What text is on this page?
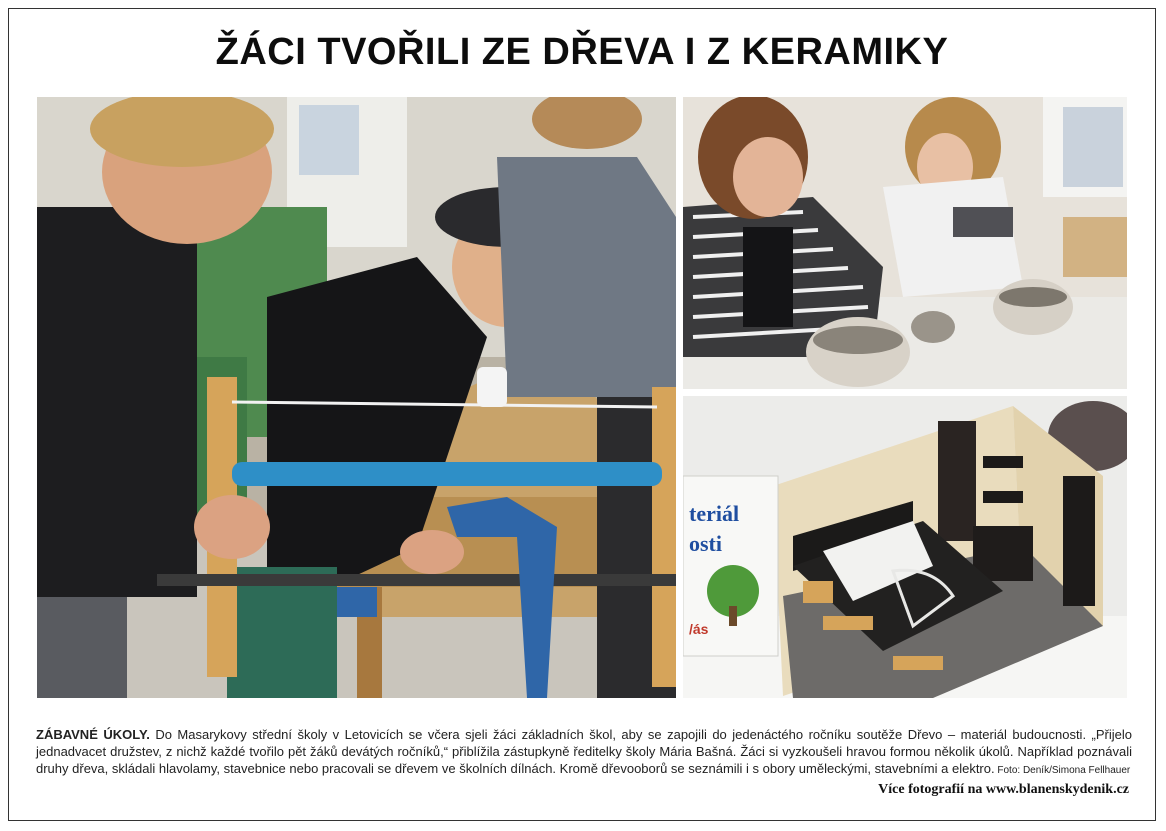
ŽÁCI TVOŘILI ZE DŘEVA I Z KERAMIKY
teriál
osti
/ás
ZÁBAVNÉ ÚKOLY. Do Masarykovy střední školy v Letovicích se včera sjeli žáci základních škol, aby se zapojili do jedenáctého ročníku soutěže Dřevo – materiál budoucnosti. „Přijelo jednadvacet družstev, z nichž každé tvořilo pět žáků devátých ročníků,“ přiblížila zástupkyně ředitelky školy Mária Bašná. Žáci si vyzkoušeli hravou formou několik úkolů. Například poznávali druhy dřeva, skládali hlavolamy, stavebnice nebo pracovali se dřevem ve školních dílnách. Kromě dřevooborů se seznámili i s obory uměleckými, stavebními a elektro. Foto: Deník/Simona Fellhauer
Více fotografií na www.blanenskydenik.cz
